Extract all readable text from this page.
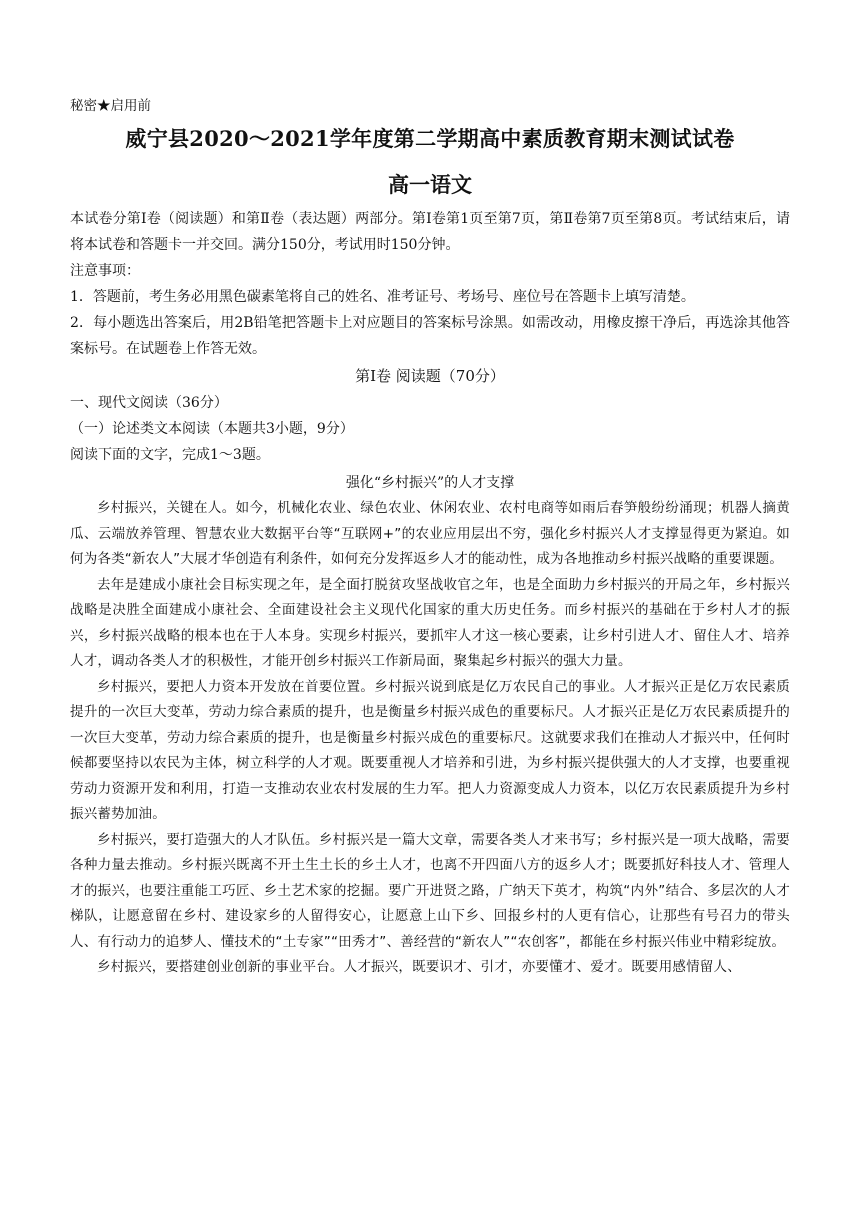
秘密★启用前

威宁县2020～2021学年度第二学期高中素质教育期末测试试卷
高一语文

本试卷分第Ⅰ卷（阅读题）和第Ⅱ卷（表达题）两部分。第Ⅰ卷第1页至第7页，第Ⅱ卷第7页至第8页。考试结束后，请将本试卷和答题卡一并交回。满分150分，考试用时150分钟。

注意事项：

1．答题前，考生务必用黑色碳素笔将自己的姓名、准考证号、考场号、座位号在答题卡上填写清楚。

2．每小题选出答案后，用2B铅笔把答题卡上对应题目的答案标号涂黑。如需改动，用橡皮擦干净后，再选涂其他答案标号。在试题卷上作答无效。

第Ⅰ卷 阅读题（70分）

一、现代文阅读（36分）

（一）论述类文本阅读（本题共3小题，9分）

阅读下面的文字，完成1～3题。

强化“乡村振兴”的人才支撑

乡村振兴，关键在人。如今，机械化农业、绿色农业、休闲农业、农村电商等如雨后春笋般纷纷涌现；机器人摘黄瓜、云端放养管理、智慧农业大数据平台等“互联网+”的农业应用层出不穷，强化乡村振兴人才支撑显得更为紧迫。如何为各类“新农人”大展才华创造有利条件，如何充分发挥返乡人才的能动性，成为各地推动乡村振兴战略的重要课题。

去年是建成小康社会目标实现之年，是全面打脱贫攻坚战收官之年，也是全面助力乡村振兴的开局之年，乡村振兴战略是决胜全面建成小康社会、全面建设社会主义现代化国家的重大历史任务。而乡村振兴的基础在于乡村人才的振兴，乡村振兴战略的根本也在于人本身。实现乡村振兴，要抓牢人才这一核心要素，让乡村引进人才、留住人才、培养人才，调动各类人才的积极性，才能开创乡村振兴工作新局面，聚集起乡村振兴的强大力量。

乡村振兴，要把人力资本开发放在首要位置。乡村振兴说到底是亿万农民自己的事业。人才振兴正是亿万农民素质提升的一次巨大变革，劳动力综合素质的提升，也是衡量乡村振兴成色的重要标尺。人才振兴正是亿万农民素质提升的一次巨大变革，劳动力综合素质的提升，也是衡量乡村振兴成色的重要标尺。这就要求我们在推动人才振兴中，任何时候都要坚持以农民为主体，树立科学的人才观。既要重视人才培养和引进，为乡村振兴提供强大的人才支撑，也要重视劳动力资源开发和利用，打造一支推动农业农村发展的生力军。把人力资源变成人力资本，以亿万农民素质提升为乡村振兴蓄势加油。

乡村振兴，要打造强大的人才队伍。乡村振兴是一篇大文章，需要各类人才来书写；乡村振兴是一项大战略，需要各种力量去推动。乡村振兴既离不开土生土长的乡土人才，也离不开四面八方的返乡人才；既要抓好科技人才、管理人才的振兴，也要注重能工巧匠、乡土艺术家的挖掘。要广开进贤之路，广纳天下英才，构筑“内外”结合、多层次的人才梯队，让愿意留在乡村、建设家乡的人留得安心，让愿意上山下乡、回报乡村的人更有信心，让那些有号召力的带头人、有行动力的追梦人、懂技术的“土专家”“田秀才”、善经营的“新农人”“农创客”，都能在乡村振兴伟业中精彩绽放。

乡村振兴，要搭建创业创新的事业平台。人才振兴，既要识才、引才，亦要懂才、爱才。既要用感情留人、
